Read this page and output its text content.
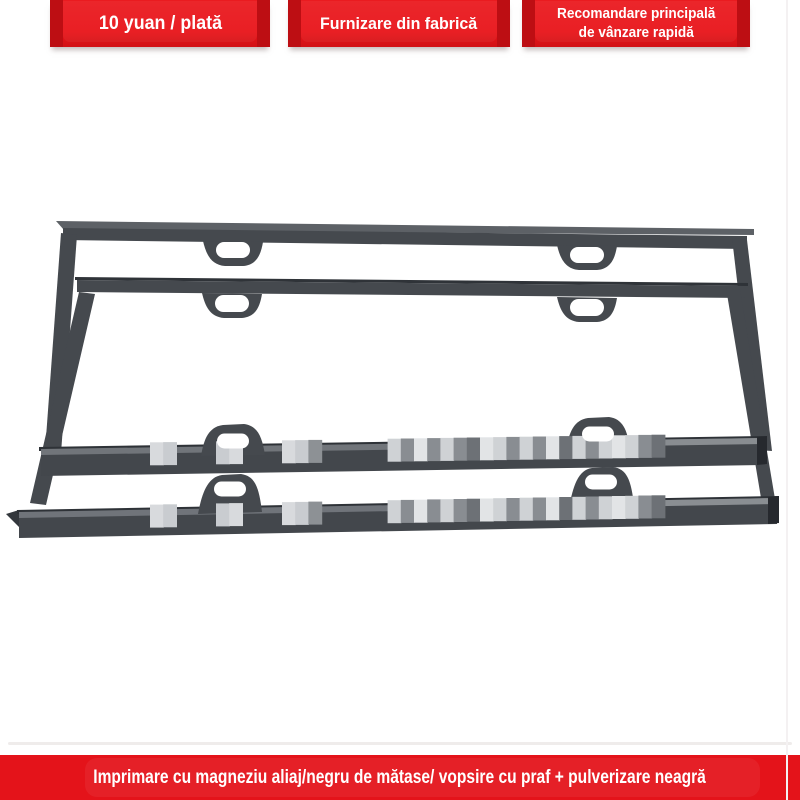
10 yuan / plată	Furnizare din fabrică	Recomandare principală
de vânzare rapidă
Imprimare cu magneziu aliaj/negru de mătase/ vopsire cu praf + pulverizare neagră
